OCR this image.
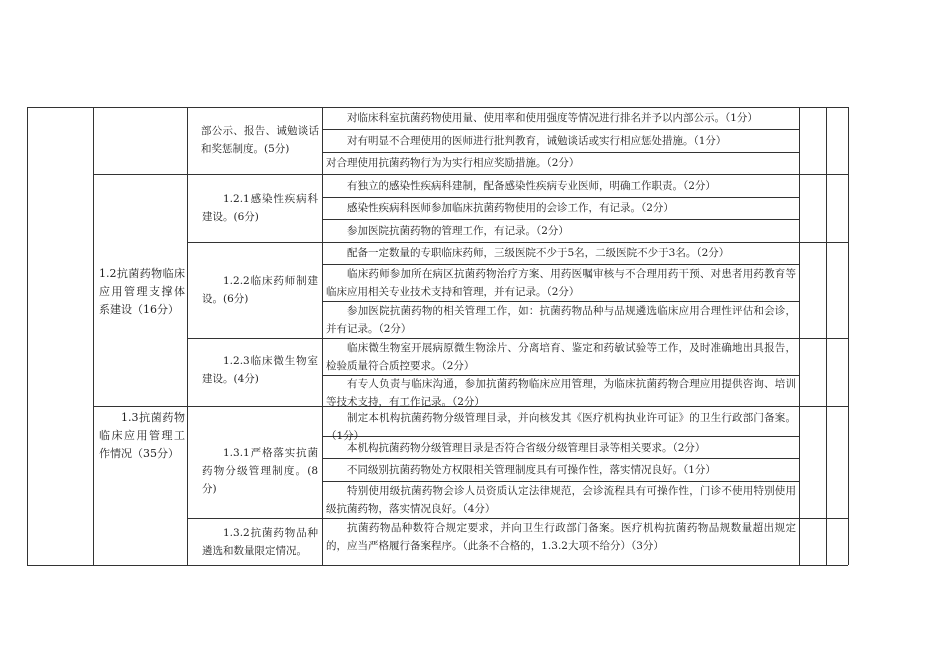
1.2抗菌药物临床应用管理支撑体系建设（16分）
1.3抗菌药物临床应用管理工作情况（35分）
部公示、报告、诫勉谈话和奖惩制度。(5分)
1.2.1感染性疾病科建设。(6分)
1.2.2临床药师制建设。(6分)
1.2.3临床微生物室建设。(4分)
1.3.1严格落实抗菌药物分级管理制度。(8分)
1.3.2抗菌药物品种遴选和数量限定情况。
对临床科室抗菌药物使用量、使用率和使用强度等情况进行排名并予以内部公示。（1分）
对有明显不合理使用的医师进行批判教育，诫勉谈话或实行相应惩处措施。（1分）
对合理使用抗菌药物行为为实行相应奖励措施。（2分）
有独立的感染性疾病科建制，配备感染性疾病专业医师，明确工作职责。（2分）
感染性疾病科医师参加临床抗菌药物使用的会诊工作，有记录。（2分）
参加医院抗菌药物的管理工作，有记录。（2分）
配备一定数量的专职临床药师，三级医院不少于5名，二级医院不少于3名。（2分）
临床药师参加所在病区抗菌药物治疗方案、用药医嘱审核与不合理用药干预、对患者用药教育等临床应用相关专业技术支持和管理，并有记录。（2分）
参加医院抗菌药物的相关管理工作，如：抗菌药物品种与品规遴选临床应用合理性评估和会诊，并有记录。（2分）
临床微生物室开展病原微生物涂片、分离培育、鉴定和药敏试验等工作，及时准确地出具报告，检验质量符合质控要求。（2分）
有专人负责与临床沟通，参加抗菌药物临床应用管理，为临床抗菌药物合理应用提供咨询、培训等技术支持，有工作记录。（2分）
制定本机构抗菌药物分级管理目录，并向核发其《医疗机构执业许可证》的卫生行政部门备案。（1分）
本机构抗菌药物分级管理目录是否符合省级分级管理目录等相关要求。（2分）
不同级别抗菌药物处方权限相关管理制度具有可操作性，落实情况良好。（1分）
特别使用级抗菌药物会诊人员资质认定法律规范，会诊流程具有可操作性，门诊不使用特别使用级抗菌药物，落实情况良好。（4分）
抗菌药物品种数符合规定要求，并向卫生行政部门备案。医疗机构抗菌药物品规数量超出规定的，应当严格履行备案程序。（此条不合格的，1.3.2大项不给分）（3分）
